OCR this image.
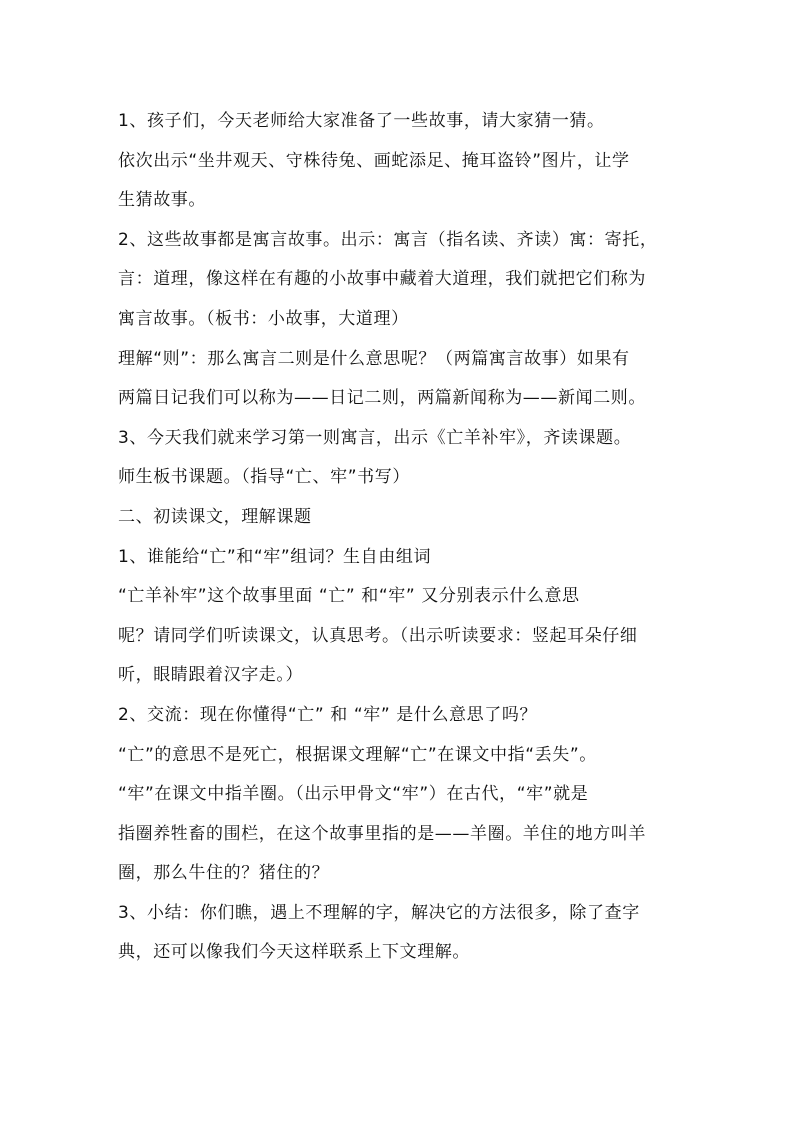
1、孩子们，今天老师给大家准备了一些故事，请大家猜一猜。
依次出示“坐井观天、守株待兔、画蛇添足、掩耳盗铃”图片，让学
生猜故事。
2、这些故事都是寓言故事。出示：寓言（指名读、齐读）寓：寄托，
言：道理，像这样在有趣的小故事中藏着大道理，我们就把它们称为
寓言故事。（板书：小故事，大道理）
理解“则”：那么寓言二则是什么意思呢？（两篇寓言故事）如果有
两篇日记我们可以称为——日记二则，两篇新闻称为——新闻二则。
3、今天我们就来学习第一则寓言，出示《亡羊补牢》，齐读课题。
师生板书课题。（指导“亡、牢”书写）
二、初读课文，理解课题
1、谁能给“亡”和“牢”组词？生自由组词
“亡羊补牢”这个故事里面 “亡” 和“牢” 又分别表示什么意思
呢？请同学们听读课文，认真思考。（出示听读要求：竖起耳朵仔细
听，眼睛跟着汉字走。）
2、交流：现在你懂得“亡” 和 “牢” 是什么意思了吗？
“亡”的意思不是死亡，根据课文理解“亡”在课文中指“丢失”。
“牢”在课文中指羊圈。（出示甲骨文“牢”）在古代，“牢”就是
指圈养牲畜的围栏，在这个故事里指的是——羊圈。羊住的地方叫羊
圈，那么牛住的？猪住的？
3、小结：你们瞧，遇上不理解的字，解决它的方法很多，除了查字
典，还可以像我们今天这样联系上下文理解。
